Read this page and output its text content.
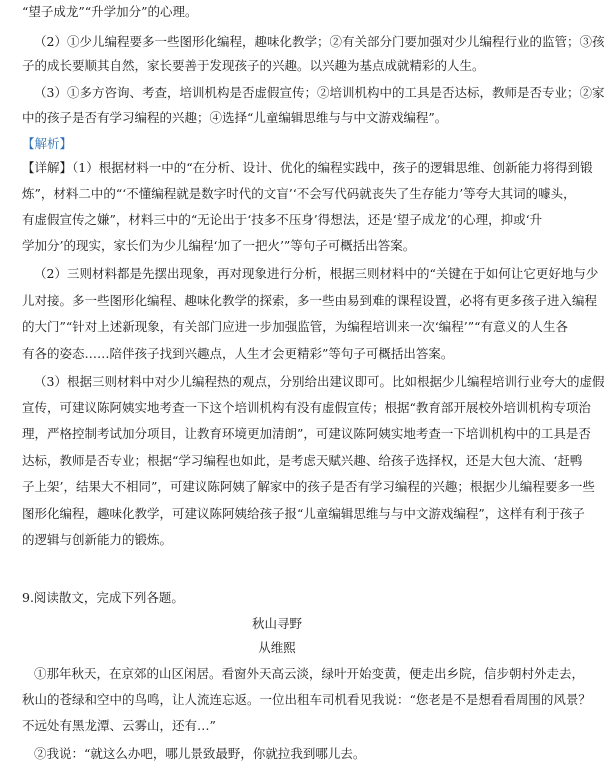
“望子成龙”“升学加分”的心理。
（2）①少儿编程要多一些图形化编程，趣味化教学；②有关部分门要加强对少儿编程行业的监管；③孩
子的成长要顺其自然，家长要善于发现孩子的兴趣。以兴趣为基点成就精彩的人生。
（3）①多方咨询、考查，培训机构是否虚假宣传；②培训机构中的工具是否达标，教师是否专业；②家
中的孩子是否有学习编程的兴趣；④选择“儿童编辑思维与与中文游戏编程”。
【解析】
【详解】（1）根据材料一中的“在分析、设计、优化的编程实践中，孩子的逻辑思维、创新能力将得到锻
炼”，材料二中的“‘不懂编程就是数字时代的文盲’‘不会写代码就丧失了生存能力’等夸大其词的噱头，
有虚假宣传之嫌”，材料三中的“无论出于‘技多不压身’得想法，还是‘望子成龙’的心理，抑或‘升
学加分’的现实，家长们为少儿编程‘加了一把火’”等句子可概括出答案。
（2）三则材料都是先摆出现象，再对现象进行分析，根据三则材料中的“关键在于如何让它更好地与少
儿对接。多一些图形化编程、趣味化教学的探索，多一些由易到难的课程设置，必将有更多孩子进入编程
的大门”“针对上述新现象，有关部门应进一步加强监管，为编程培训来一次‘编程’”“有意义的人生各
有各的姿态……陪伴孩子找到兴趣点，人生才会更精彩”等句子可概括出答案。
（3）根据三则材料中对少儿编程热的观点，分别给出建议即可。比如根据少儿编程培训行业夸大的虚假
宣传，可建议陈阿姨实地考查一下这个培训机构有没有虚假宣传；根据“教育部开展校外培训机构专项治
理，严格控制考试加分项目，让教育环境更加清朗”，可建议陈阿姨实地考查一下培训机构中的工具是否
达标，教师是否专业；根据“学习编程也如此，是考虑天赋兴趣、给孩子选择权，还是大包大流、‘赶鸭
子上架’，结果大不相同”，可建议陈阿姨了解家中的孩子是否有学习编程的兴趣；根据少儿编程要多一些
图形化编程，趣味化教学，可建议陈阿姨给孩子报“儿童编辑思维与与中文游戏编程”，这样有利于孩子
的逻辑与创新能力的锻炼。
9.阅读散文，完成下列各题。
秋山寻野
从维熙
①那年秋天，在京郊的山区闲居。看窗外天高云淡，绿叶开始变黄，便走出乡院，信步朝村外走去，
秋山的苍绿和空中的鸟鸣，让人流连忘返。一位出租车司机看见我说：“您老是不是想看看周围的风景？
不远处有黑龙潭、云雾山，还有…”
②我说：“就这么办吧，哪儿景致最野，你就拉我到哪儿去。
